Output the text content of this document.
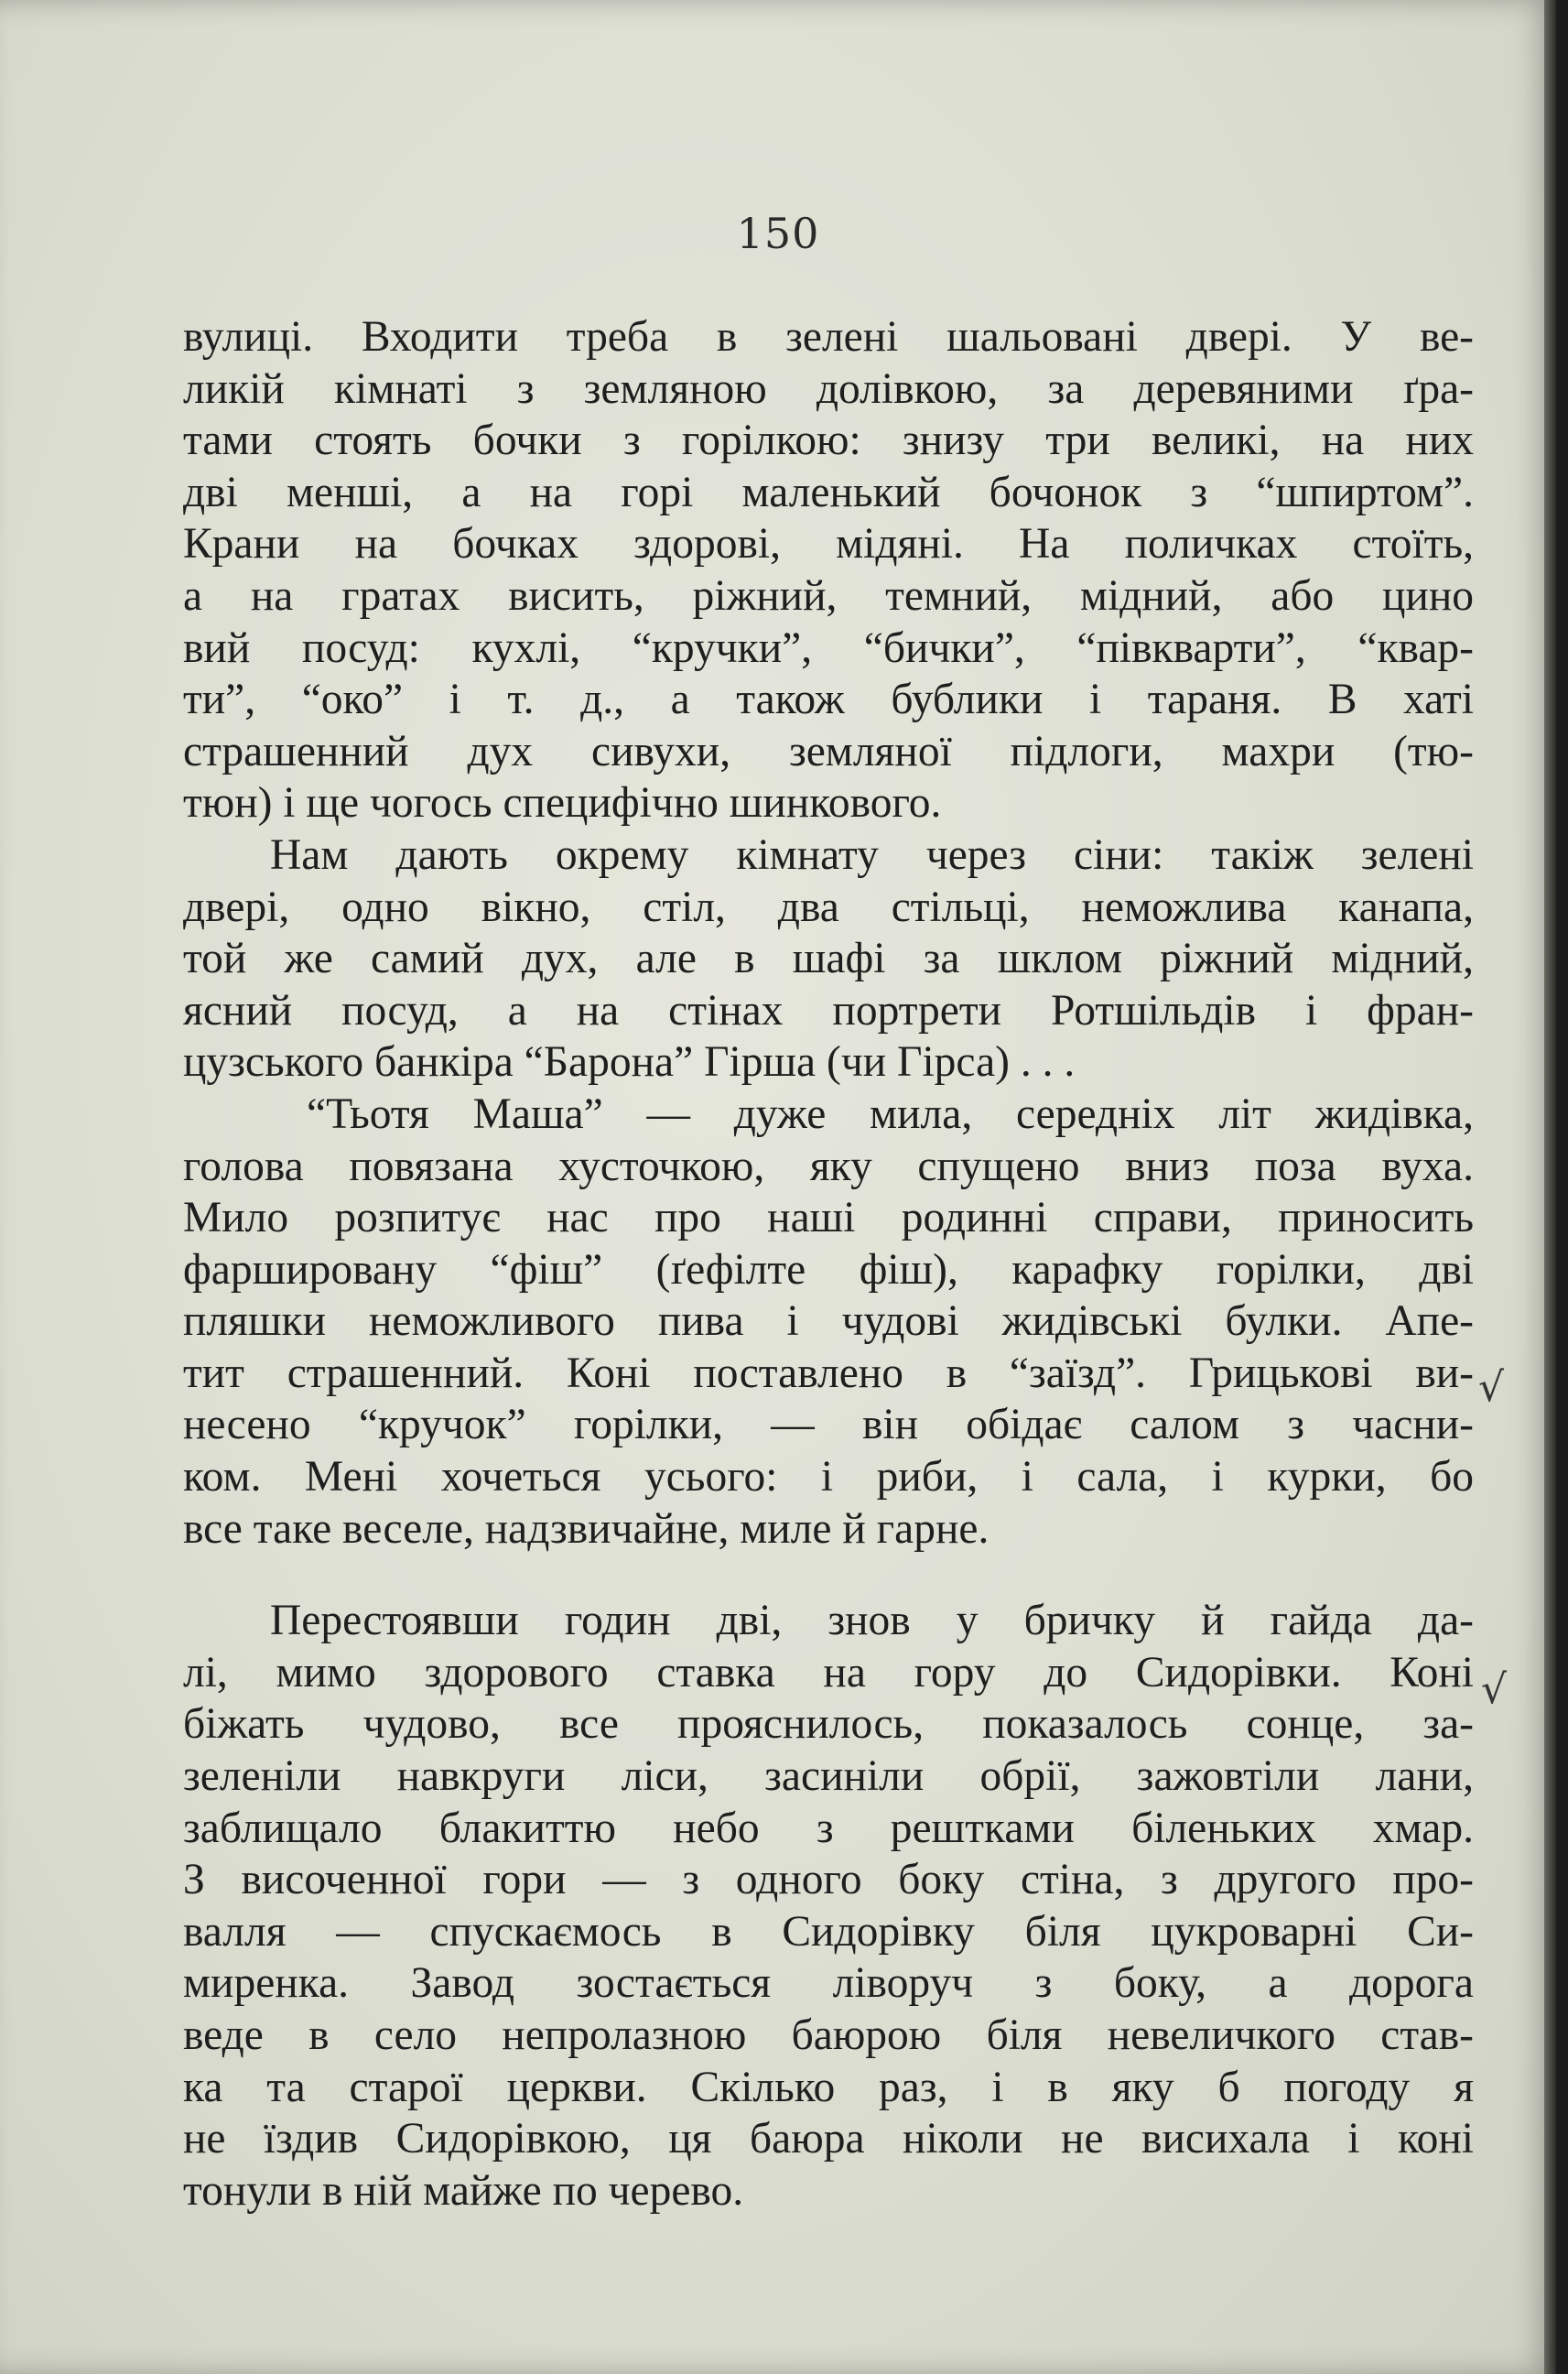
150
вулиці. Входити треба в зелені шальовані двері. У ве-
ликій кімнаті з земляною долівкою, за деревяними ґра-
тами стоять бочки з горілкою: знизу три великі, на них
дві менші, а на горі маленький бочонок з “шпиртом”.
Крани на бочках здорові, мідяні. На поличках стоїть,
а на гратах висить, ріжний, темний, мідний, або цино
вий посуд: кухлі, “кручки”, “бички”, “півкварти”, “квар-
ти”, “око” і т. д., а також бублики і тараня. В хаті
страшенний дух сивухи, земляної підлоги, махри (тю-
тюн) і ще чогось специфічно шинкового.
Нам дають окрему кімнату через сіни: такіж зелені
двері, одно вікно, стіл, два стільці, неможлива канапа,
той же самий дух, але в шафі за шклом ріжний мідний,
ясний посуд, а на стінах портрети Ротшільдів і фран-
цузського банкіра “Барона” Гірша (чи Гірса) . . .
“Тьотя Маша” — дуже мила, середніх літ жидівка,
голова повязана хусточкою, яку спущено вниз поза вуха.
Мило розпитує нас про наші родинні справи, приносить
фаршировану “фіш” (ґефілте фіш), карафку горілки, дві
пляшки неможливого пива і чудові жидівські булки. Апе-
тит страшенний. Коні поставлено в “заїзд”. Грицькові ви-
несено “кручок” горілки, — він обідає салом з часни-
ком. Мені хочеться усього: і риби, і сала, і курки, бо
все таке веселе, надзвичайне, миле й гарне.
Перестоявши годин дві, знов у бричку й гайда да-
лі, мимо здорового ставка на гору до Сидорівки. Коні
біжать чудово, все прояснилось, показалось сонце, за-
зеленіли навкруги ліси, засиніли обрії, зажовтіли лани,
заблищало блакиттю небо з рештками біленьких хмар.
З височенної гори — з одного боку стіна, з другого про-
валля — спускаємось в Сидорівку біля цукроварні Си-
миренка. Завод зостається ліворуч з боку, а дорога
веде в село непролазною баюрою біля невеличкого став-
ка та старої церкви. Скілько раз, і в яку б погоду я
не їздив Сидорівкою, ця баюра ніколи не висихала і коні
тонули в ній майже по черево.
√
√
